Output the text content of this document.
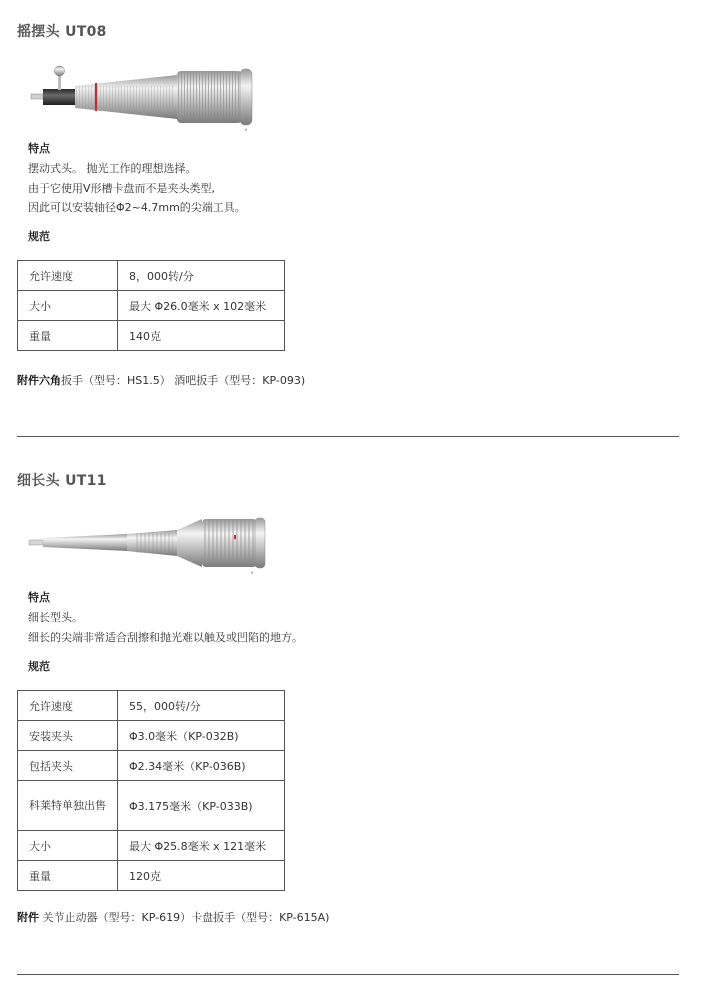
摇摆头 UT08
▲
特点
摆动式头。 抛光工作的理想选择。
由于它使用V形槽卡盘而不是夹头类型,
因此可以安装轴径Φ2~4.7mm的尖端工具。
规范
允许速度	8，000转/分
大小	最大 Φ26.0毫米 x 102毫米
重量	140克
附件六角扳手（型号：HS1.5） 酒吧扳手（型号：KP-093)
细长头 UT11
▲
特点
细长型头。
细长的尖端非常适合刮擦和抛光难以触及或凹陷的地方。
规范
允许速度	55，000转/分
安装夹头	Φ3.0毫米（KP-032B)
包括夹头	Φ2.34毫米（KP-036B)
科莱特单独出售	Φ3.175毫米（KP-033B)
大小	最大 Φ25.8毫米 x 121毫米
重量	120克
附件 关节止动器（型号：KP-619）卡盘扳手（型号：KP-615A)
